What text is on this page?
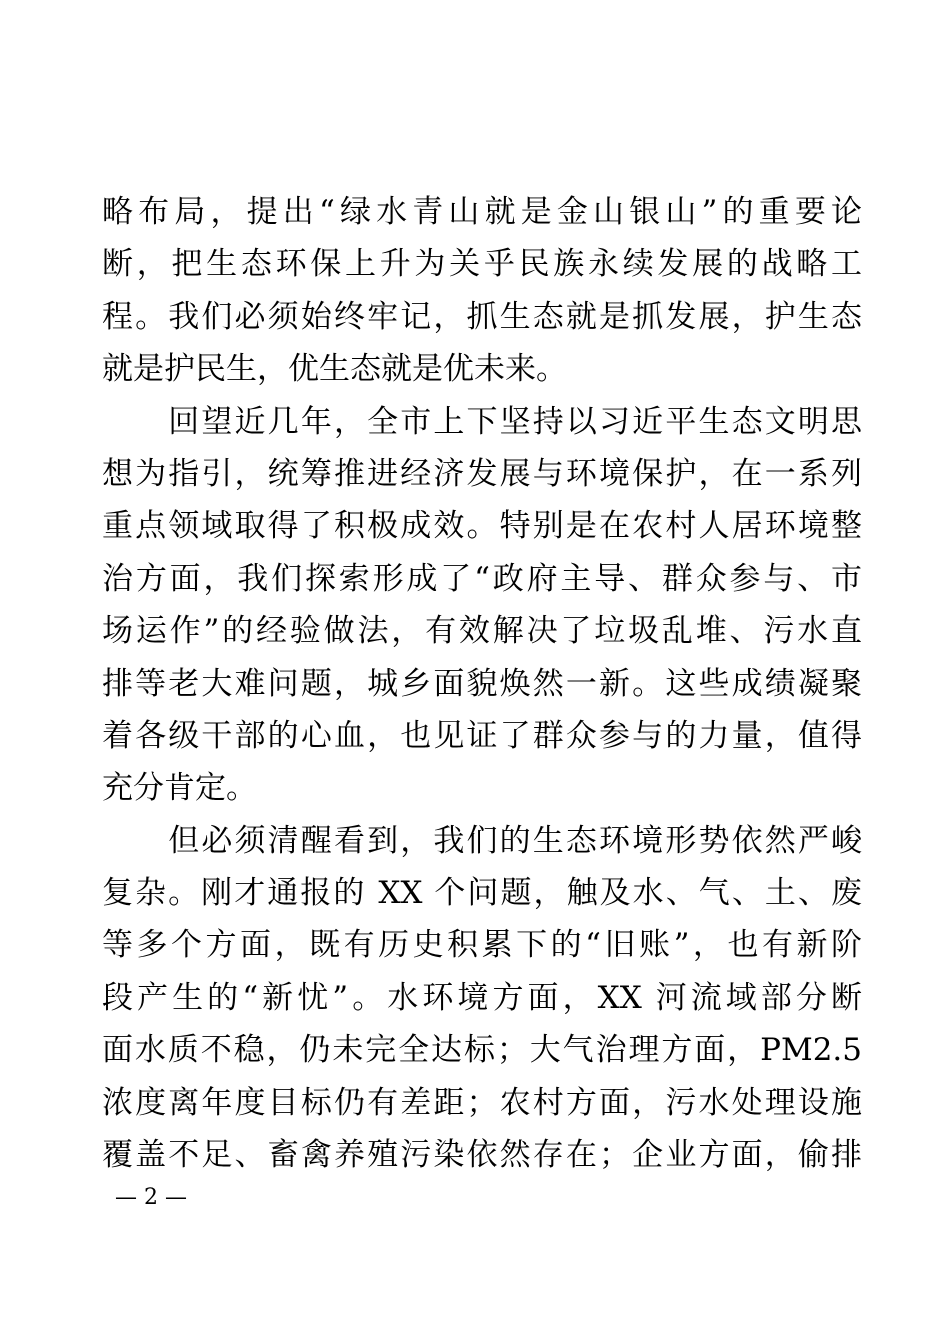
略布局，提出“绿水青山就是金山银山”的重要论
断，把生态环保上升为关乎民族永续发展的战略工
程。我们必须始终牢记，抓生态就是抓发展，护生态
就是护民生，优生态就是优未来。
　　回望近几年，全市上下坚持以习近平生态文明思
想为指引，统筹推进经济发展与环境保护，在一系列
重点领域取得了积极成效。特别是在农村人居环境整
治方面，我们探索形成了“政府主导、群众参与、市
场运作”的经验做法，有效解决了垃圾乱堆、污水直
排等老大难问题，城乡面貌焕然一新。这些成绩凝聚
着各级干部的心血，也见证了群众参与的力量，值得
充分肯定。
　　但必须清醒看到，我们的生态环境形势依然严峻
复杂。刚才通报的 XX 个问题，触及水、气、土、废
等多个方面，既有历史积累下的“旧账”，也有新阶
段产生的“新忧”。水环境方面，XX 河流域部分断
面水质不稳，仍未完全达标；大气治理方面，PM2.5
浓度离年度目标仍有差距；农村方面，污水处理设施
覆盖不足、畜禽养殖污染依然存在；企业方面，偷排
— 2 —
